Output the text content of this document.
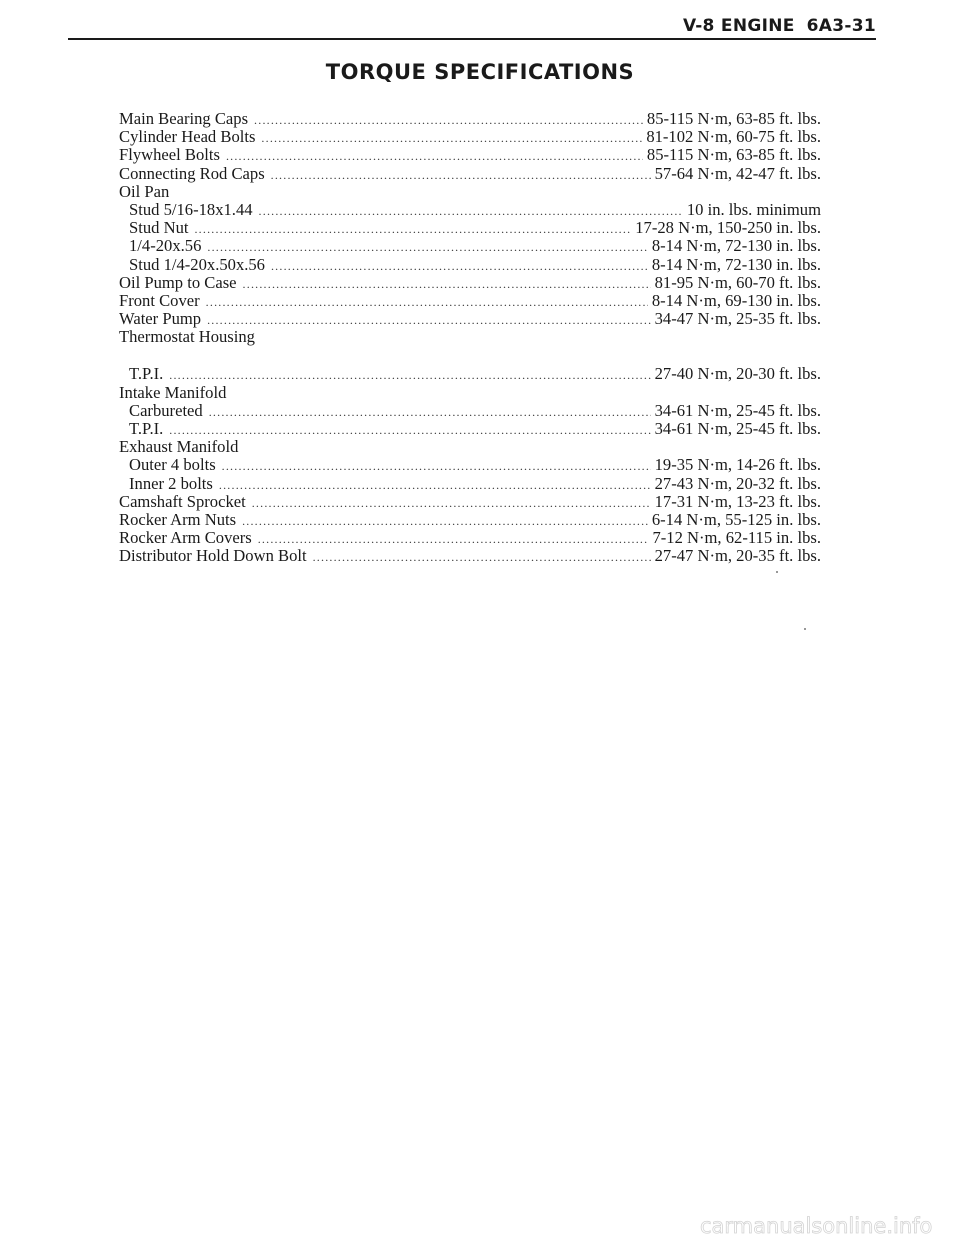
V-8 ENGINE 6A3-31
TORQUE SPECIFICATIONS
Main Bearing Caps .....	85-115 N·m, 63-85 ft. lbs.
Cylinder Head Bolts .....	81-102 N·m, 60-75 ft. lbs.
Flywheel Bolts .....	85-115 N·m, 63-85 ft. lbs.
Connecting Rod Caps .....	57-64 N·m, 42-47 ft. lbs.
Oil Pan
Stud 5/16-18x1.44 .....	10 in. lbs. minimum
Stud Nut .....	17-28 N·m, 150-250 in. lbs.
1/4-20x.56 .....	8-14 N·m, 72-130 in. lbs.
Stud 1/4-20x.50x.56 .....	8-14 N·m, 72-130 in. lbs.
Oil Pump to Case .....	81-95 N·m, 60-70 ft. lbs.
Front Cover .....	8-14 N·m, 69-130 in. lbs.
Water Pump .....	34-47 N·m, 25-35 ft. lbs.
Thermostat Housing
T.P.I. .....	27-40 N·m, 20-30 ft. lbs.
Intake Manifold
Carbureted .....	34-61 N·m, 25-45 ft. lbs.
T.P.I. .....	34-61 N·m, 25-45 ft. lbs.
Exhaust Manifold
Outer 4 bolts .....	19-35 N·m, 14-26 ft. lbs.
Inner 2 bolts .....	27-43 N·m, 20-32 ft. lbs.
Camshaft Sprocket .....	17-31 N·m, 13-23 ft. lbs.
Rocker Arm Nuts .....	6-14 N·m, 55-125 in. lbs.
Rocker Arm Covers .....	7-12 N·m, 62-115 in. lbs.
Distributor Hold Down Bolt .....	27-47 N·m, 20-35 ft. lbs.
carmanualsonline.info
